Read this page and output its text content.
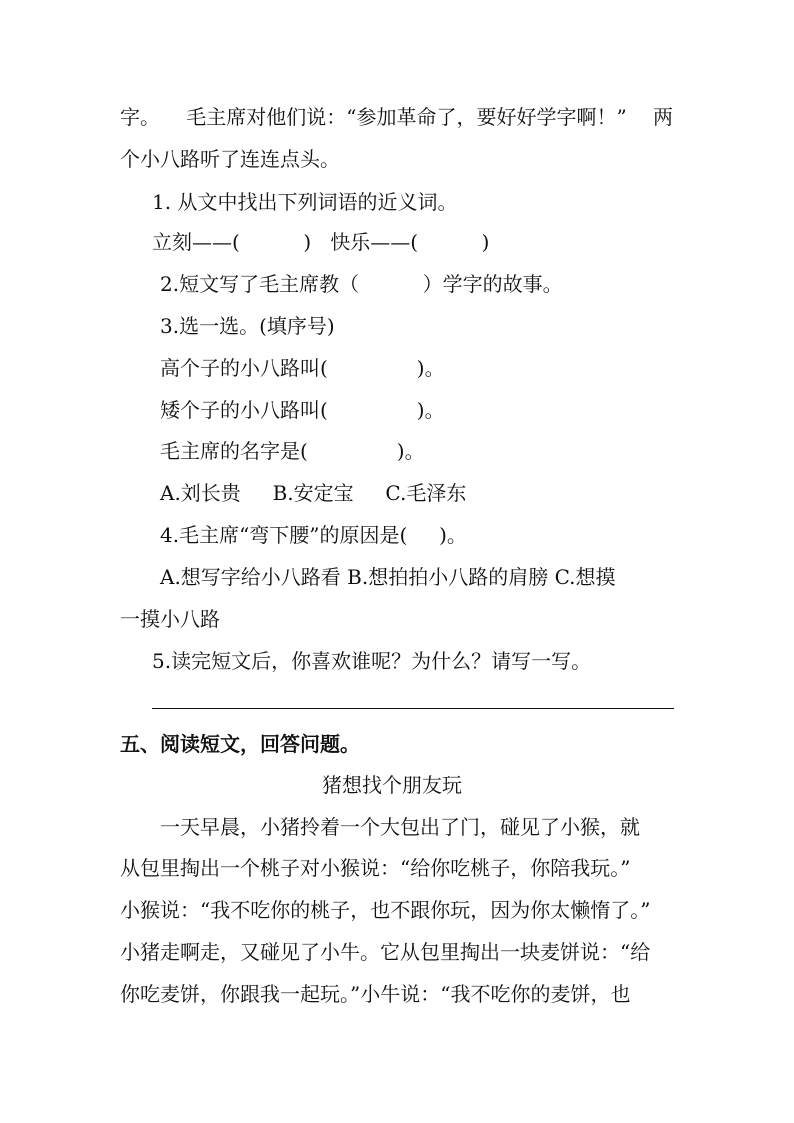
字。 毛主席对他们说：“参加革命了，要好好学字啊！” 两
个小八路听了连连点头。
1. 从文中找出下列词语的近义词。
立刻——(          )   快乐——(          )
2.短文写了毛主席教（          ）学字的故事。
3.选一选。(填序号)
高个子的小八路叫(              )。
矮个子的小八路叫(              )。
毛主席的名字是(              )。
A.刘长贵     B.安定宝     C.毛泽东
4.毛主席“弯下腰”的原因是(     )。
A.想写字给小八路看 B.想拍拍小八路的肩膀 C.想摸
一摸小八路
5.读完短文后，你喜欢谁呢？为什么？请写一写。
五、阅读短文，回答问题。
猪想找个朋友玩
一天早晨，小猪拎着一个大包出了门，碰见了小猴，就
从包里掏出一个桃子对小猴说：“给你吃桃子，你陪我玩。”
小猴说：“我不吃你的桃子，也不跟你玩，因为你太懒惰了。”
小猪走啊走，又碰见了小牛。它从包里掏出一块麦饼说：“给
你吃麦饼，你跟我一起玩。”小牛说：“我不吃你的麦饼，也
